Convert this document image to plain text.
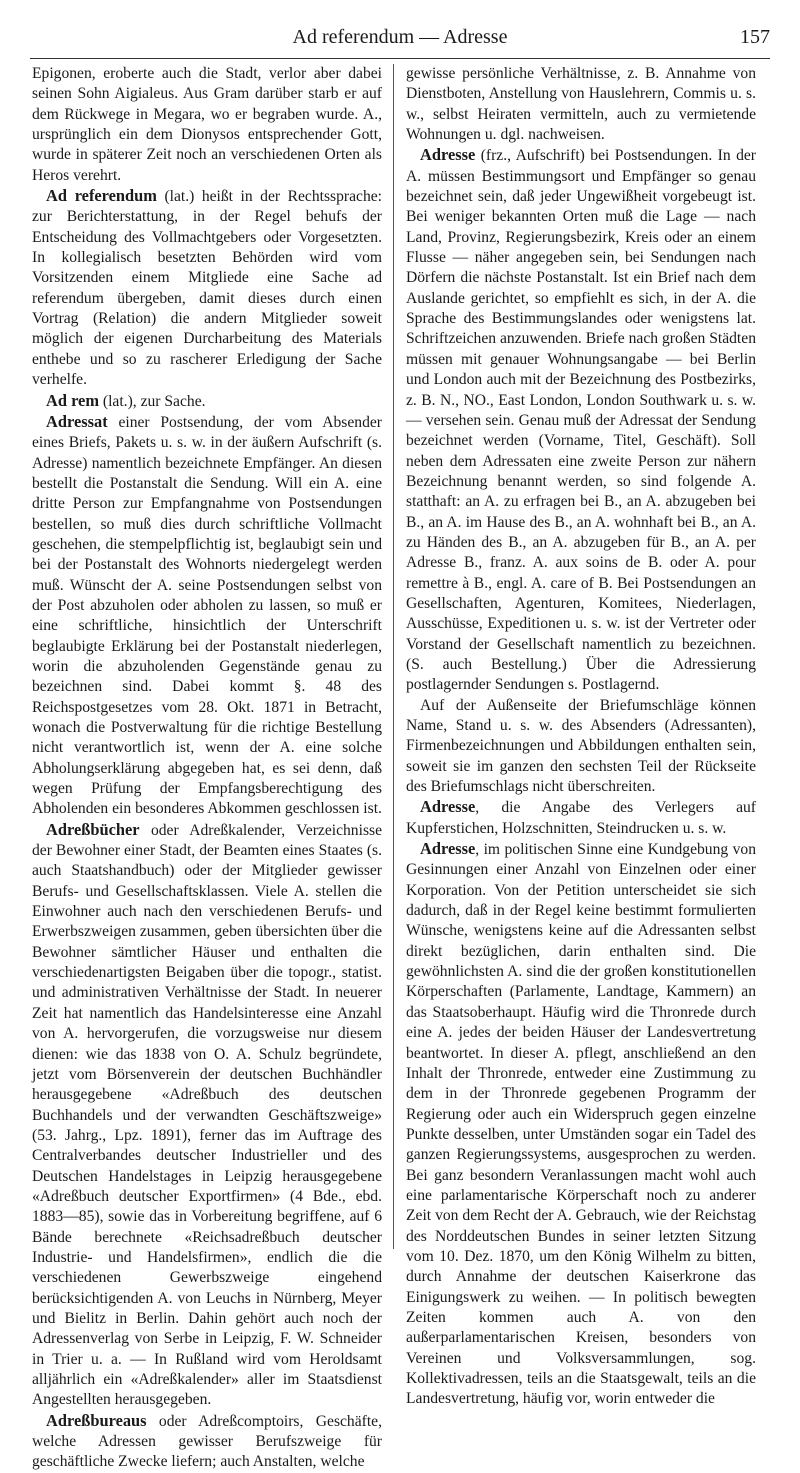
Ad referendum — Adresse	157

Epigonen, eroberte auch die Stadt, verlor aber dabei seinen Sohn Aigialeus. Aus Gram darüber starb er auf dem Rückwege in Megara, wo er begraben wurde. A., ursprünglich ein dem Dionysos entsprechender Gott, wurde in späterer Zeit noch an verschiedenen Orten als Heros verehrt.

Ad referendum (lat.) heißt in der Rechtssprache: zur Berichterstattung, in der Regel behufs der Entscheidung des Vollmachtgebers oder Vorgesetzten. In kollegialisch besetzten Behörden wird vom Vorsitzenden einem Mitgliede eine Sache ad referendum übergeben, damit dieses durch einen Vortrag (Relation) die andern Mitglieder soweit möglich der eigenen Durcharbeitung des Materials enthebe und so zu rascherer Erledigung der Sache verhelfe.

Ad rem (lat.), zur Sache.

Adressat einer Postsendung, der vom Absender eines Briefs, Pakets u. s. w. in der äußern Aufschrift (s. Adresse) namentlich bezeichnete Empfänger. An diesen bestellt die Postanstalt die Sendung. Will ein A. eine dritte Person zur Empfangnahme von Postsendungen bestellen, so muß dies durch schriftliche Vollmacht geschehen, die stempelpflichtig ist, beglaubigt sein und bei der Postanstalt des Wohnorts niedergelegt werden muß. Wünscht der A. seine Postsendungen selbst von der Post abzuholen oder abholen zu lassen, so muß er eine schriftliche, hinsichtlich der Unterschrift beglaubigte Erklärung bei der Postanstalt niederlegen, worin die abzuholenden Gegenstände genau zu bezeichnen sind. Dabei kommt §. 48 des Reichspostgesetzes vom 28. Okt. 1871 in Betracht, wonach die Postverwaltung für die richtige Bestellung nicht verantwortlich ist, wenn der A. eine solche Abholungserklärung abgegeben hat, es sei denn, daß wegen Prüfung der Empfangsberechtigung des Abholenden ein besonderes Abkommen geschlossen ist.

Adreßbücher oder Adreßkalender, Verzeichnisse der Bewohner einer Stadt, der Beamten eines Staates (s. auch Staatshandbuch) oder der Mitglieder gewisser Berufs- und Gesellschaftsklassen. Viele A. stellen die Einwohner auch nach den verschiedenen Berufs- und Erwerbszweigen zusammen, geben übersichten über die Bewohner sämtlicher Häuser und enthalten die verschiedenartigsten Beigaben über die topogr., statist. und administrativen Verhältnisse der Stadt. In neuerer Zeit hat namentlich das Handelsinteresse eine Anzahl von A. hervorgerufen, die vorzugsweise nur diesem dienen: wie das 1838 von O. A. Schulz begründete, jetzt vom Börsenverein der deutschen Buchhändler herausgegebene «Adreßbuch des deutschen Buchhandels und der verwandten Geschäftszweige» (53. Jahrg., Lpz. 1891), ferner das im Auftrage des Centralverbandes deutscher Industrieller und des Deutschen Handelstages in Leipzig herausgegebene «Adreßbuch deutscher Exportfirmen» (4 Bde., ebd. 1883—85), sowie das in Vorbereitung begriffene, auf 6 Bände berechnete «Reichsadreßbuch deutscher Industrie- und Handelsfirmen», endlich die die verschiedenen Gewerbszweige eingehend berücksichtigenden A. von Leuchs in Nürnberg, Meyer und Bielitz in Berlin. Dahin gehört auch noch der Adressenverlag von Serbe in Leipzig, F. W. Schneider in Trier u. a. — In Rußland wird vom Heroldsamt alljährlich ein «Adreßkalender» aller im Staatsdienst Angestellten herausgegeben.

Adreßbureaus oder Adreßcomptoirs, Geschäfte, welche Adressen gewisser Berufszweige für geschäftliche Zwecke liefern; auch Anstalten, welche

gewisse persönliche Verhältnisse, z. B. Annahme von Dienstboten, Anstellung von Hauslehrern, Commis u. s. w., selbst Heiraten vermitteln, auch zu vermietende Wohnungen u. dgl. nachweisen.

Adresse (frz., Aufschrift) bei Postsendungen. In der A. müssen Bestimmungsort und Empfänger so genau bezeichnet sein, daß jeder Ungewißheit vorgebeugt ist. Bei weniger bekannten Orten muß die Lage — nach Land, Provinz, Regierungsbezirk, Kreis oder an einem Flusse — näher angegeben sein, bei Sendungen nach Dörfern die nächste Postanstalt. Ist ein Brief nach dem Auslande gerichtet, so empfiehlt es sich, in der A. die Sprache des Bestimmungslandes oder wenigstens lat. Schriftzeichen anzuwenden. Briefe nach großen Städten müssen mit genauer Wohnungsangabe — bei Berlin und London auch mit der Bezeichnung des Postbezirks, z. B. N., NO., East London, London Southwark u. s. w. — versehen sein. Genau muß der Adressat der Sendung bezeichnet werden (Vorname, Titel, Geschäft). Soll neben dem Adressaten eine zweite Person zur nähern Bezeichnung benannt werden, so sind folgende A. statthaft: an A. zu erfragen bei B., an A. abzugeben bei B., an A. im Hause des B., an A. wohnhaft bei B., an A. zu Händen des B., an A. abzugeben für B., an A. per Adresse B., franz. A. aux soins de B. oder A. pour remettre à B., engl. A. care of B. Bei Postsendungen an Gesellschaften, Agenturen, Komitees, Niederlagen, Ausschüsse, Expeditionen u. s. w. ist der Vertreter oder Vorstand der Gesellschaft namentlich zu bezeichnen. (S. auch Bestellung.) Über die Adressierung postlagernder Sendungen s. Postlagernd.

Auf der Außenseite der Briefumschläge können Name, Stand u. s. w. des Absenders (Adressanten), Firmenbezeichnungen und Abbildungen enthalten sein, soweit sie im ganzen den sechsten Teil der Rückseite des Briefumschlags nicht überschreiten.

Adresse, die Angabe des Verlegers auf Kupferstichen, Holzschnitten, Steindrucken u. s. w.

Adresse, im politischen Sinne eine Kundgebung von Gesinnungen einer Anzahl von Einzelnen oder einer Korporation. Von der Petition unterscheidet sie sich dadurch, daß in der Regel keine bestimmt formulierten Wünsche, wenigstens keine auf die Adressanten selbst direkt bezüglichen, darin enthalten sind. Die gewöhnlichsten A. sind die der großen konstitutionellen Körperschaften (Parlamente, Landtage, Kammern) an das Staatsoberhaupt. Häufig wird die Thronrede durch eine A. jedes der beiden Häuser der Landesvertretung beantwortet. In dieser A. pflegt, anschließend an den Inhalt der Thronrede, entweder eine Zustimmung zu dem in der Thronrede gegebenen Programm der Regierung oder auch ein Widerspruch gegen einzelne Punkte desselben, unter Umständen sogar ein Tadel des ganzen Regierungssystems, ausgesprochen zu werden. Bei ganz besondern Veranlassungen macht wohl auch eine parlamentarische Körperschaft noch zu anderer Zeit von dem Recht der A. Gebrauch, wie der Reichstag des Norddeutschen Bundes in seiner letzten Sitzung vom 10. Dez. 1870, um den König Wilhelm zu bitten, durch Annahme der deutschen Kaiserkrone das Einigungswerk zu weihen. — In politisch bewegten Zeiten kommen auch A. von den außerparlamentarischen Kreisen, besonders von Vereinen und Volksversammlungen, sog. Kollektivadressen, teils an die Staatsgewalt, teils an die Landesvertretung, häufig vor, worin entweder die
